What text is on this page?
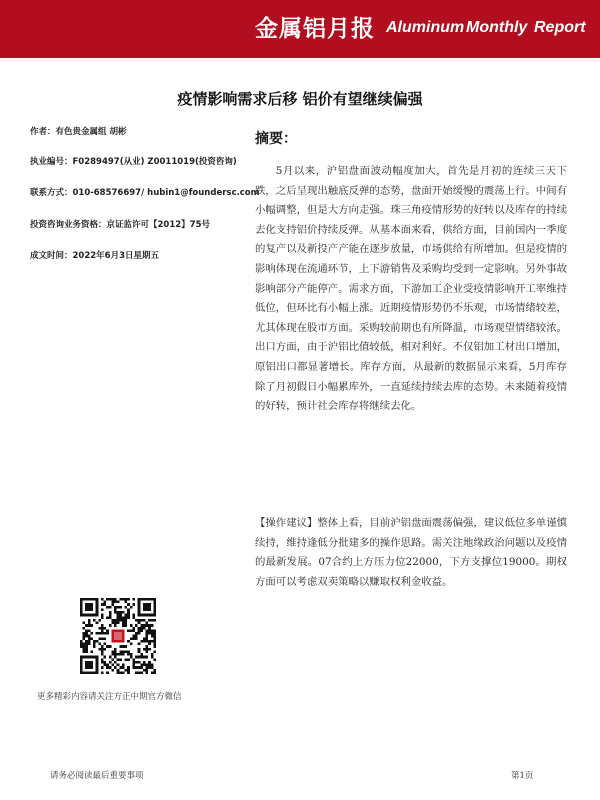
金属铝月报 Aluminum Monthly Report
疫情影响需求后移 铝价有望继续偏强
作者：有色贵金属组 胡彬
执业编号：F0289497(从业) Z0011019(投资咨询)
联系方式：010-68576697/ hubin1@foundersc.com
投资咨询业务资格：京证监许可【2012】75号
成文时间：2022年6月3日星期五
摘要：
5月以来，沪铝盘面波动幅度加大，首先是月初的连续三天下跌，之后呈现出触底反弹的态势，盘面开始缓慢的震荡上行。中间有小幅调整，但是大方向走强。珠三角疫情形势的好转以及库存的持续去化支持铝价持续反弹。从基本面来看，供给方面，目前国内一季度的复产以及新投产产能在逐步放量，市场供给有所增加。但是疫情的影响体现在流通环节，上下游销售及采购均受到一定影响。另外事故影响部分产能停产。需求方面，下游加工企业受疫情影响开工率维持低位，但环比有小幅上涨。近期疫情形势仍不乐观，市场情绪较差，尤其体现在股市方面。采购较前期也有所降温，市场观望情绪较浓。出口方面，由于沪铝比值较低，相对利好。不仅铝加工材出口增加，原铝出口都显著增长。库存方面，从最新的数据显示来看，5月库存除了月初假日小幅累库外，一直延续持续去库的态势。未来随着疫情的好转，预计社会库存将继续去化。
【操作建议】整体上看，目前沪铝盘面震荡偏强，建议低位多单谨慎续持，维持逢低分批建多的操作思路。需关注地缘政治问题以及疫情的最新发展。07合约上方压力位22000，下方支撑位19000。期权方面可以考虑双卖策略以赚取权利金收益。
更多精彩内容请关注方正中期官方微信
请务必阅读最后重要事项	第1页
